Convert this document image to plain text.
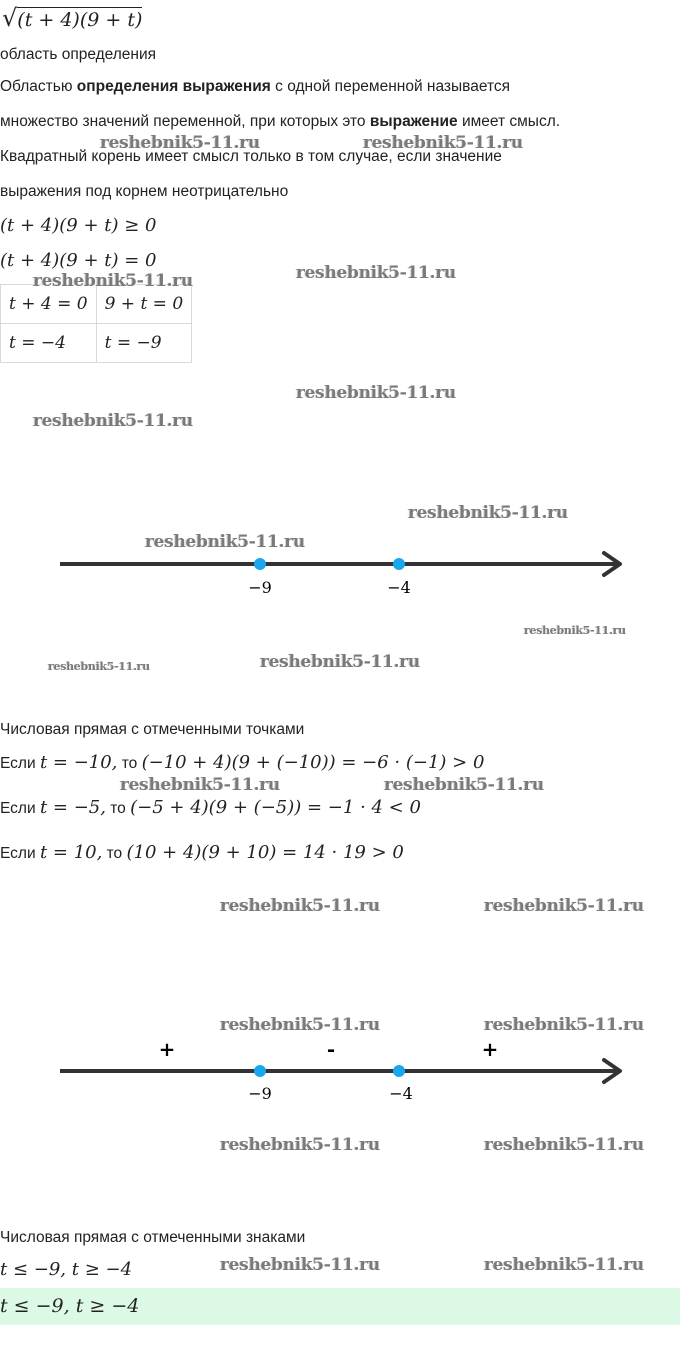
√(t + 4)(9 + t)
область определения
Областью определения выражения с одной переменной называется
множество значений переменной, при которых это выражение имеет смысл.
Квадратный корень имеет смысл только в том случае, если значение
выражения под корнем неотрицательно
(t + 4)(9 + t) ≥ 0
(t + 4)(9 + t) = 0
t + 4 = 0	9 + t = 0
t = −4	t = −9
−9	−4
Числовая прямая с отмеченными точками
Если t = −10, то (−10 + 4)(9 + (−10)) = −6 · (−1) > 0
Если t = −5, то (−5 + 4)(9 + (−5)) = −1 · 4 < 0
Если t = 10, то (10 + 4)(9 + 10) = 14 · 19 > 0
−9	−4
+	-	+
Числовая прямая с отмеченными знаками
t ≤ −9, t ≥ −4
t ≤ −9, t ≥ −4
reshebnik5-11.ru	reshebnik5-11.ru
reshebnik5-11.ru	reshebnik5-11.ru
reshebnik5-11.ru
reshebnik5-11.ru
reshebnik5-11.ru
reshebnik5-11.ru
reshebnik5-11.ru
reshebnik5-11.ru	reshebnik5-11.ru
reshebnik5-11.ru	reshebnik5-11.ru
reshebnik5-11.ru	reshebnik5-11.ru
reshebnik5-11.ru	reshebnik5-11.ru
reshebnik5-11.ru	reshebnik5-11.ru
reshebnik5-11.ru	reshebnik5-11.ru
